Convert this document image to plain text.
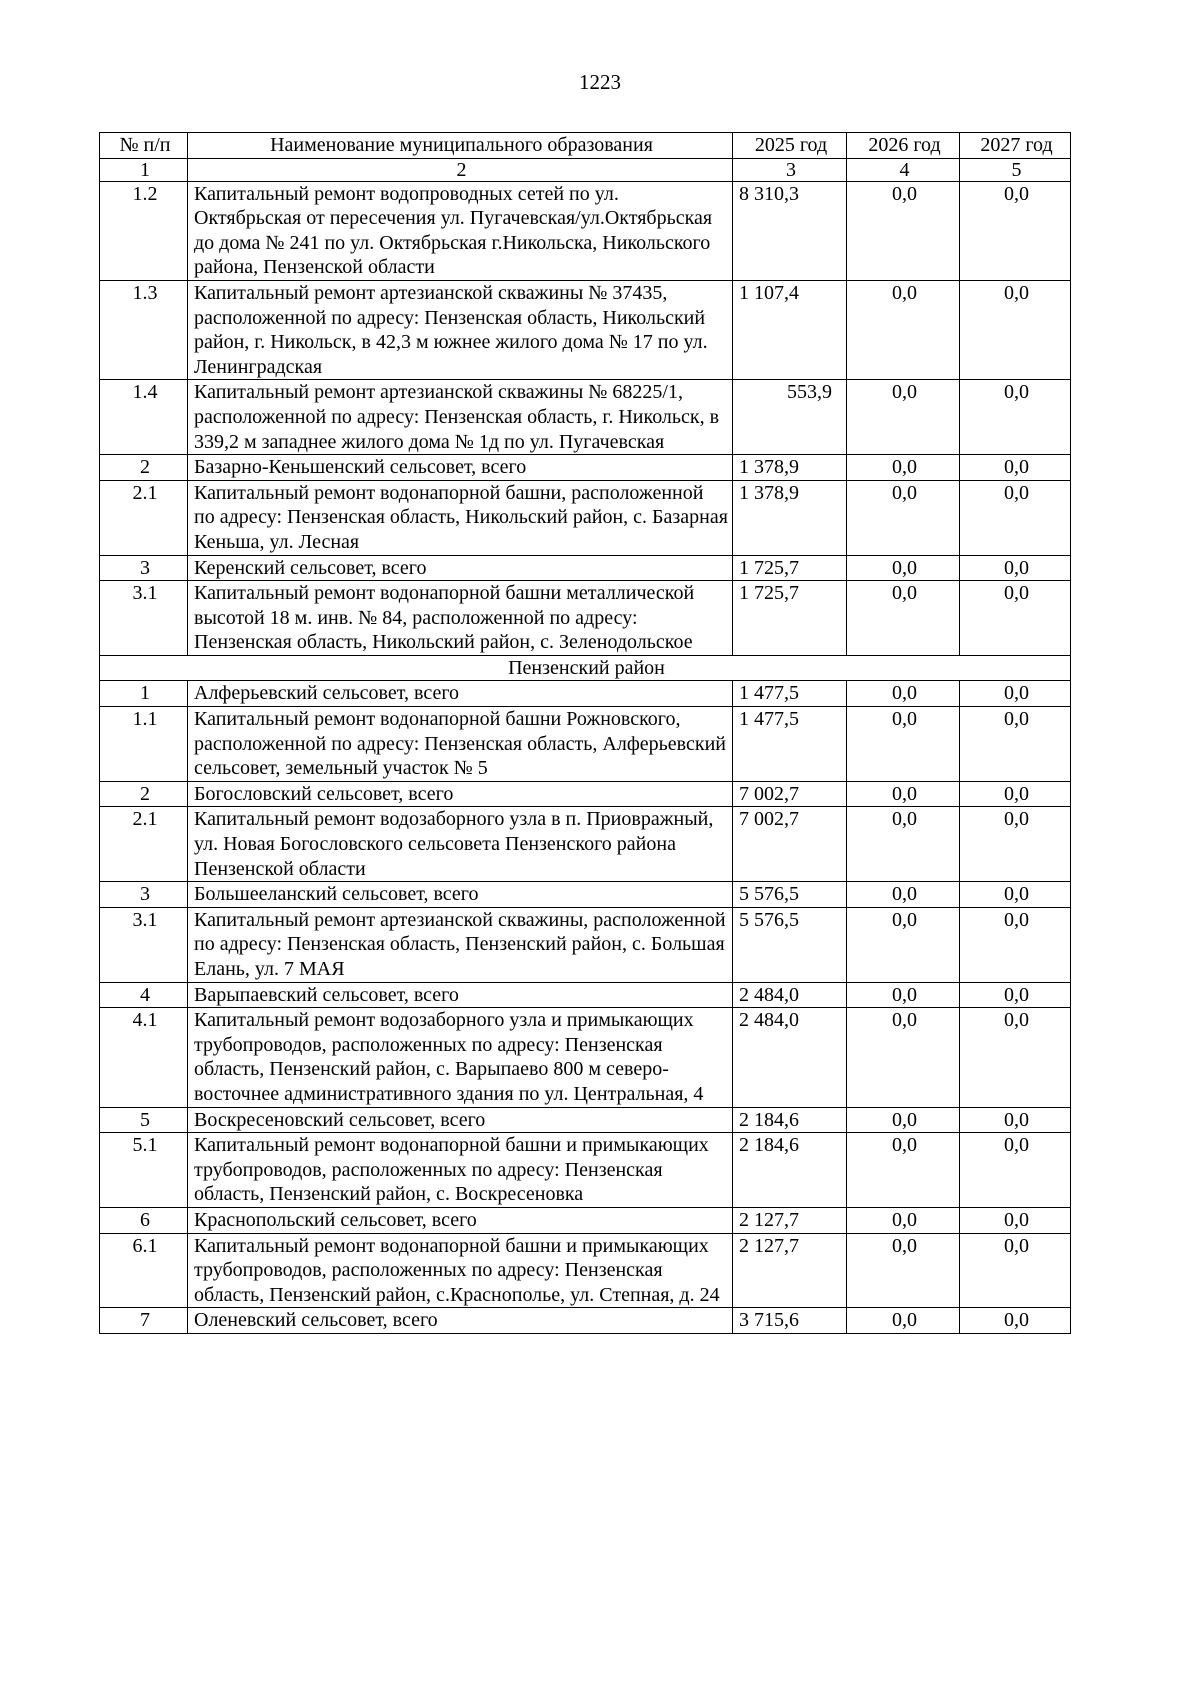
1223
№ п/п	Наименование муниципального образования	2025 год	2026 год	2027 год
1	2	3	4	5
1.2	Капитальный ремонт водопроводных сетей по ул. Октябрьская от пересечения ул. Пугачевская/ул.Октябрьская до дома № 241 по ул. Октябрьская г.Никольска, Никольского района, Пензенской области	8 310,3	0,0	0,0
1.3	Капитальный ремонт артезианской скважины № 37435, расположенной по адресу: Пензенская область, Никольский район, г. Никольск, в 42,3 м южнее жилого дома № 17 по ул. Ленинградская	1 107,4	0,0	0,0
1.4	Капитальный ремонт артезианской скважины № 68225/1, расположенной по адресу: Пензенская область, г. Никольск, в 339,2 м западнее жилого дома № 1д по ул. Пугачевская	553,9	0,0	0,0
2	Базарно-Кеньшенский сельсовет, всего	1 378,9	0,0	0,0
2.1	Капитальный ремонт водонапорной башни, расположенной по адресу: Пензенская область, Никольский район, с. Базарная Кеньша, ул. Лесная	1 378,9	0,0	0,0
3	Керенский сельсовет, всего	1 725,7	0,0	0,0
3.1	Капитальный ремонт водонапорной башни металлической высотой 18 м. инв. № 84, расположенной по адресу: Пензенская область, Никольский район, с. Зеленодольское	1 725,7	0,0	0,0
Пензенский район				
1	Алферьевский сельсовет, всего	1 477,5	0,0	0,0
1.1	Капитальный ремонт водонапорной башни Рожновского, расположенной по адресу: Пензенская область, Алферьевский сельсовет, земельный участок № 5	1 477,5	0,0	0,0
2	Богословский сельсовет, всего	7 002,7	0,0	0,0
2.1	Капитальный ремонт водозаборного узла в п. Приовражный, ул. Новая Богословского сельсовета Пензенского района Пензенской области	7 002,7	0,0	0,0
3	Большееланский сельсовет, всего	5 576,5	0,0	0,0
3.1	Капитальный ремонт артезианской скважины, расположенной по адресу: Пензенская область, Пензенский район, с. Большая Елань, ул. 7 МАЯ	5 576,5	0,0	0,0
4	Варыпаевский сельсовет, всего	2 484,0	0,0	0,0
4.1	Капитальный ремонт водозаборного узла и примыкающих трубопроводов, расположенных по адресу: Пензенская область, Пензенский район, с. Варыпаево 800 м северо-восточнее административного здания по ул. Центральная, 4	2 484,0	0,0	0,0
5	Воскресеновский сельсовет, всего	2 184,6	0,0	0,0
5.1	Капитальный ремонт водонапорной башни и примыкающих трубопроводов, расположенных по адресу: Пензенская область, Пензенский район, с. Воскресеновка	2 184,6	0,0	0,0
6	Краснопольский сельсовет, всего	2 127,7	0,0	0,0
6.1	Капитальный ремонт водонапорной башни и примыкающих трубопроводов, расположенных по адресу: Пензенская область, Пензенский район, с.Краснополье, ул. Степная, д. 24	2 127,7	0,0	0,0
7	Оленевский сельсовет, всего	3 715,6	0,0	0,0
